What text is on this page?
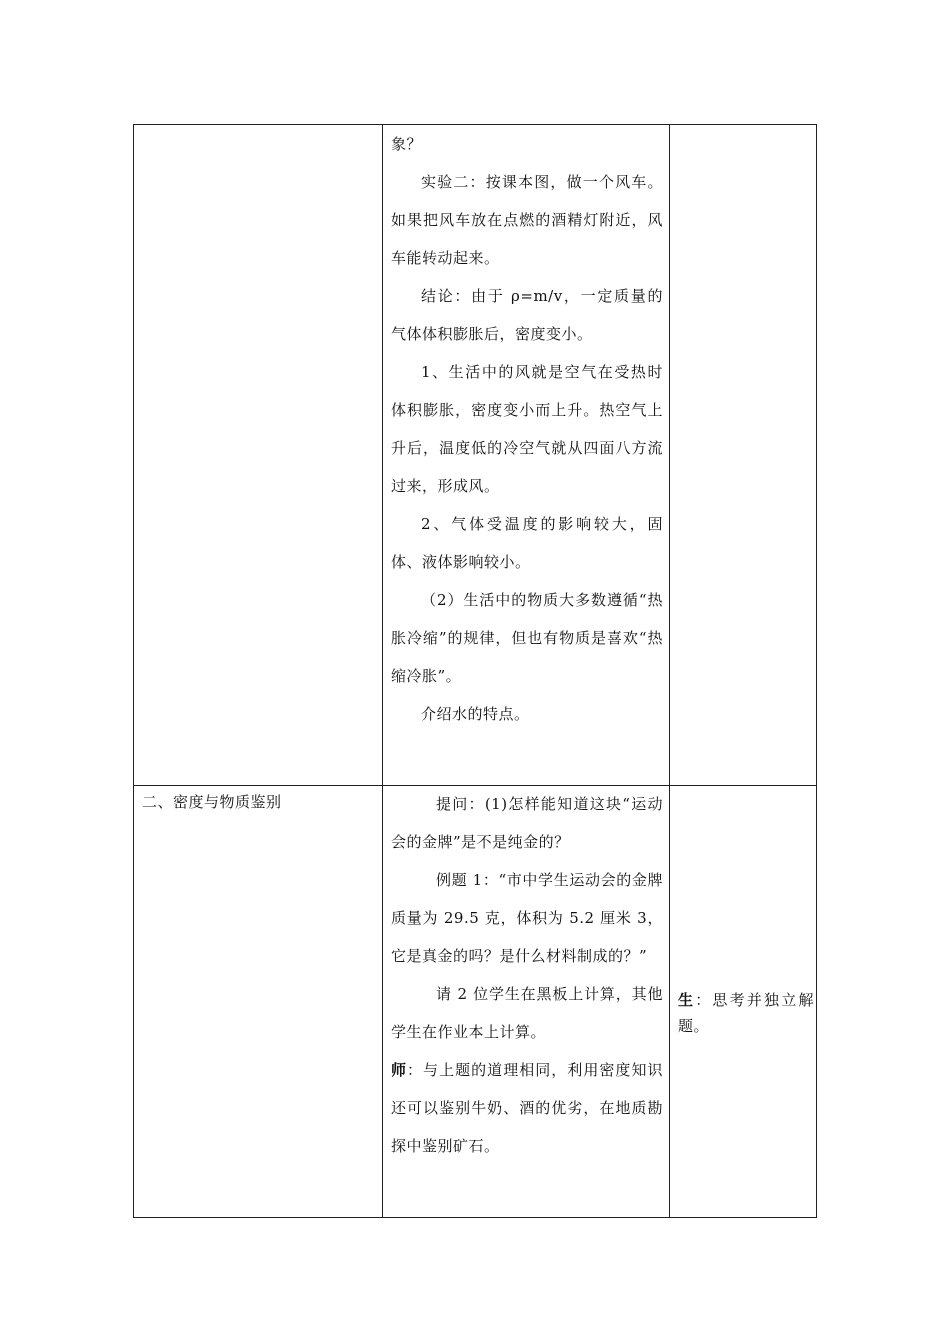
象？

实验二：按课本图，做一个风车。如果把风车放在点燃的酒精灯附近，风车能转动起来。

结论：由于 ρ=m/v，一定质量的气体体积膨胀后，密度变小。

1、生活中的风就是空气在受热时体积膨胀，密度变小而上升。热空气上升后，温度低的冷空气就从四面八方流过来，形成风。

2、气体受温度的影响较大，固体、液体影响较小。

（2）生活中的物质大多数遵循“热胀冷缩”的规律，但也有物质是喜欢“热缩冷胀”。

介绍水的特点。

二、密度与物质鉴别	提问：(1)怎样能知道这块“运动会的金牌”是不是纯金的？

例题 1：“市中学生运动会的金牌质量为 29.5 克，体积为 5.2 厘米 3，它是真金的吗？是什么材料制成的？”

请 2 位学生在黑板上计算，其他学生在作业本上计算。

师：与上题的道理相同，利用密度知识还可以鉴别牛奶、酒的优劣，在地质勘探中鉴别矿石。

生：思考并独立解题。
